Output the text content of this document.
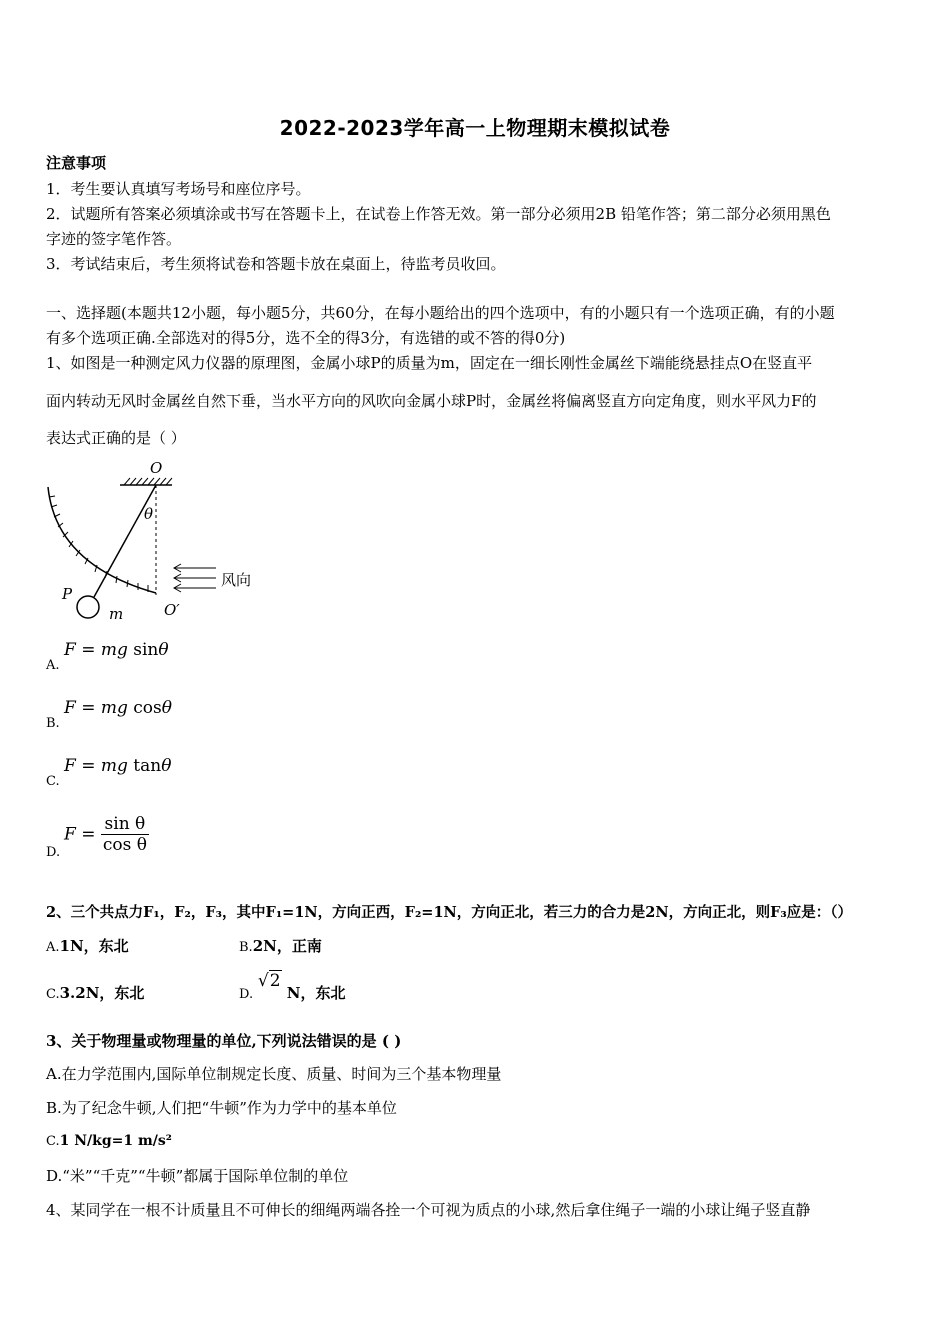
2022-2023学年高一上物理期末模拟试卷
注意事项
1．考生要认真填写考场号和座位序号。
2．试题所有答案必须填涂或书写在答题卡上，在试卷上作答无效。第一部分必须用2B 铅笔作答；第二部分必须用黑色
字迹的签字笔作答。
3．考试结束后，考生须将试卷和答题卡放在桌面上，待监考员收回。
一、选择题(本题共12小题，每小题5分，共60分，在每小题给出的四个选项中，有的小题只有一个选项正确，有的小题
有多个选项正确.全部选对的得5分，选不全的得3分，有选错的或不答的得0分)
1、如图是一种测定风力仪器的原理图，金属小球P的质量为m，固定在一细长刚性金属丝下端能绕悬挂点O在竖直平
面内转动无风时金属丝自然下垂，当水平方向的风吹向金属小球P时，金属丝将偏离竖直方向定角度，则水平风力F的
表达式正确的是（ ）
O
θ
P
m	O′
风向
A.
F = mg sinθ
B.
F = mg cosθ
C.
F = mg tanθ
D.
$F = \frac{\text{sin θ}}{\text{cos θ}}$
2、三个共点力F₁，F₂，F₃，其中F₁=1N，方向正西，F₂=1N，方向正北，若三力的合力是2N，方向正北，则F₃应是：（）
A.1N，东北	B.2N，正南
C.3.2N，东北	D. √2 N，东北
3、关于物理量或物理量的单位,下列说法错误的是 ( )
A.在力学范围内,国际单位制规定长度、质量、时间为三个基本物理量
B.为了纪念牛顿,人们把“牛顿”作为力学中的基本单位
C.1 N/kg=1 m/s²
D.“米”“千克”“牛顿”都属于国际单位制的单位
4、某同学在一根不计质量且不可伸长的细绳两端各拴一个可视为质点的小球,然后拿住绳子一端的小球让绳子竖直静
